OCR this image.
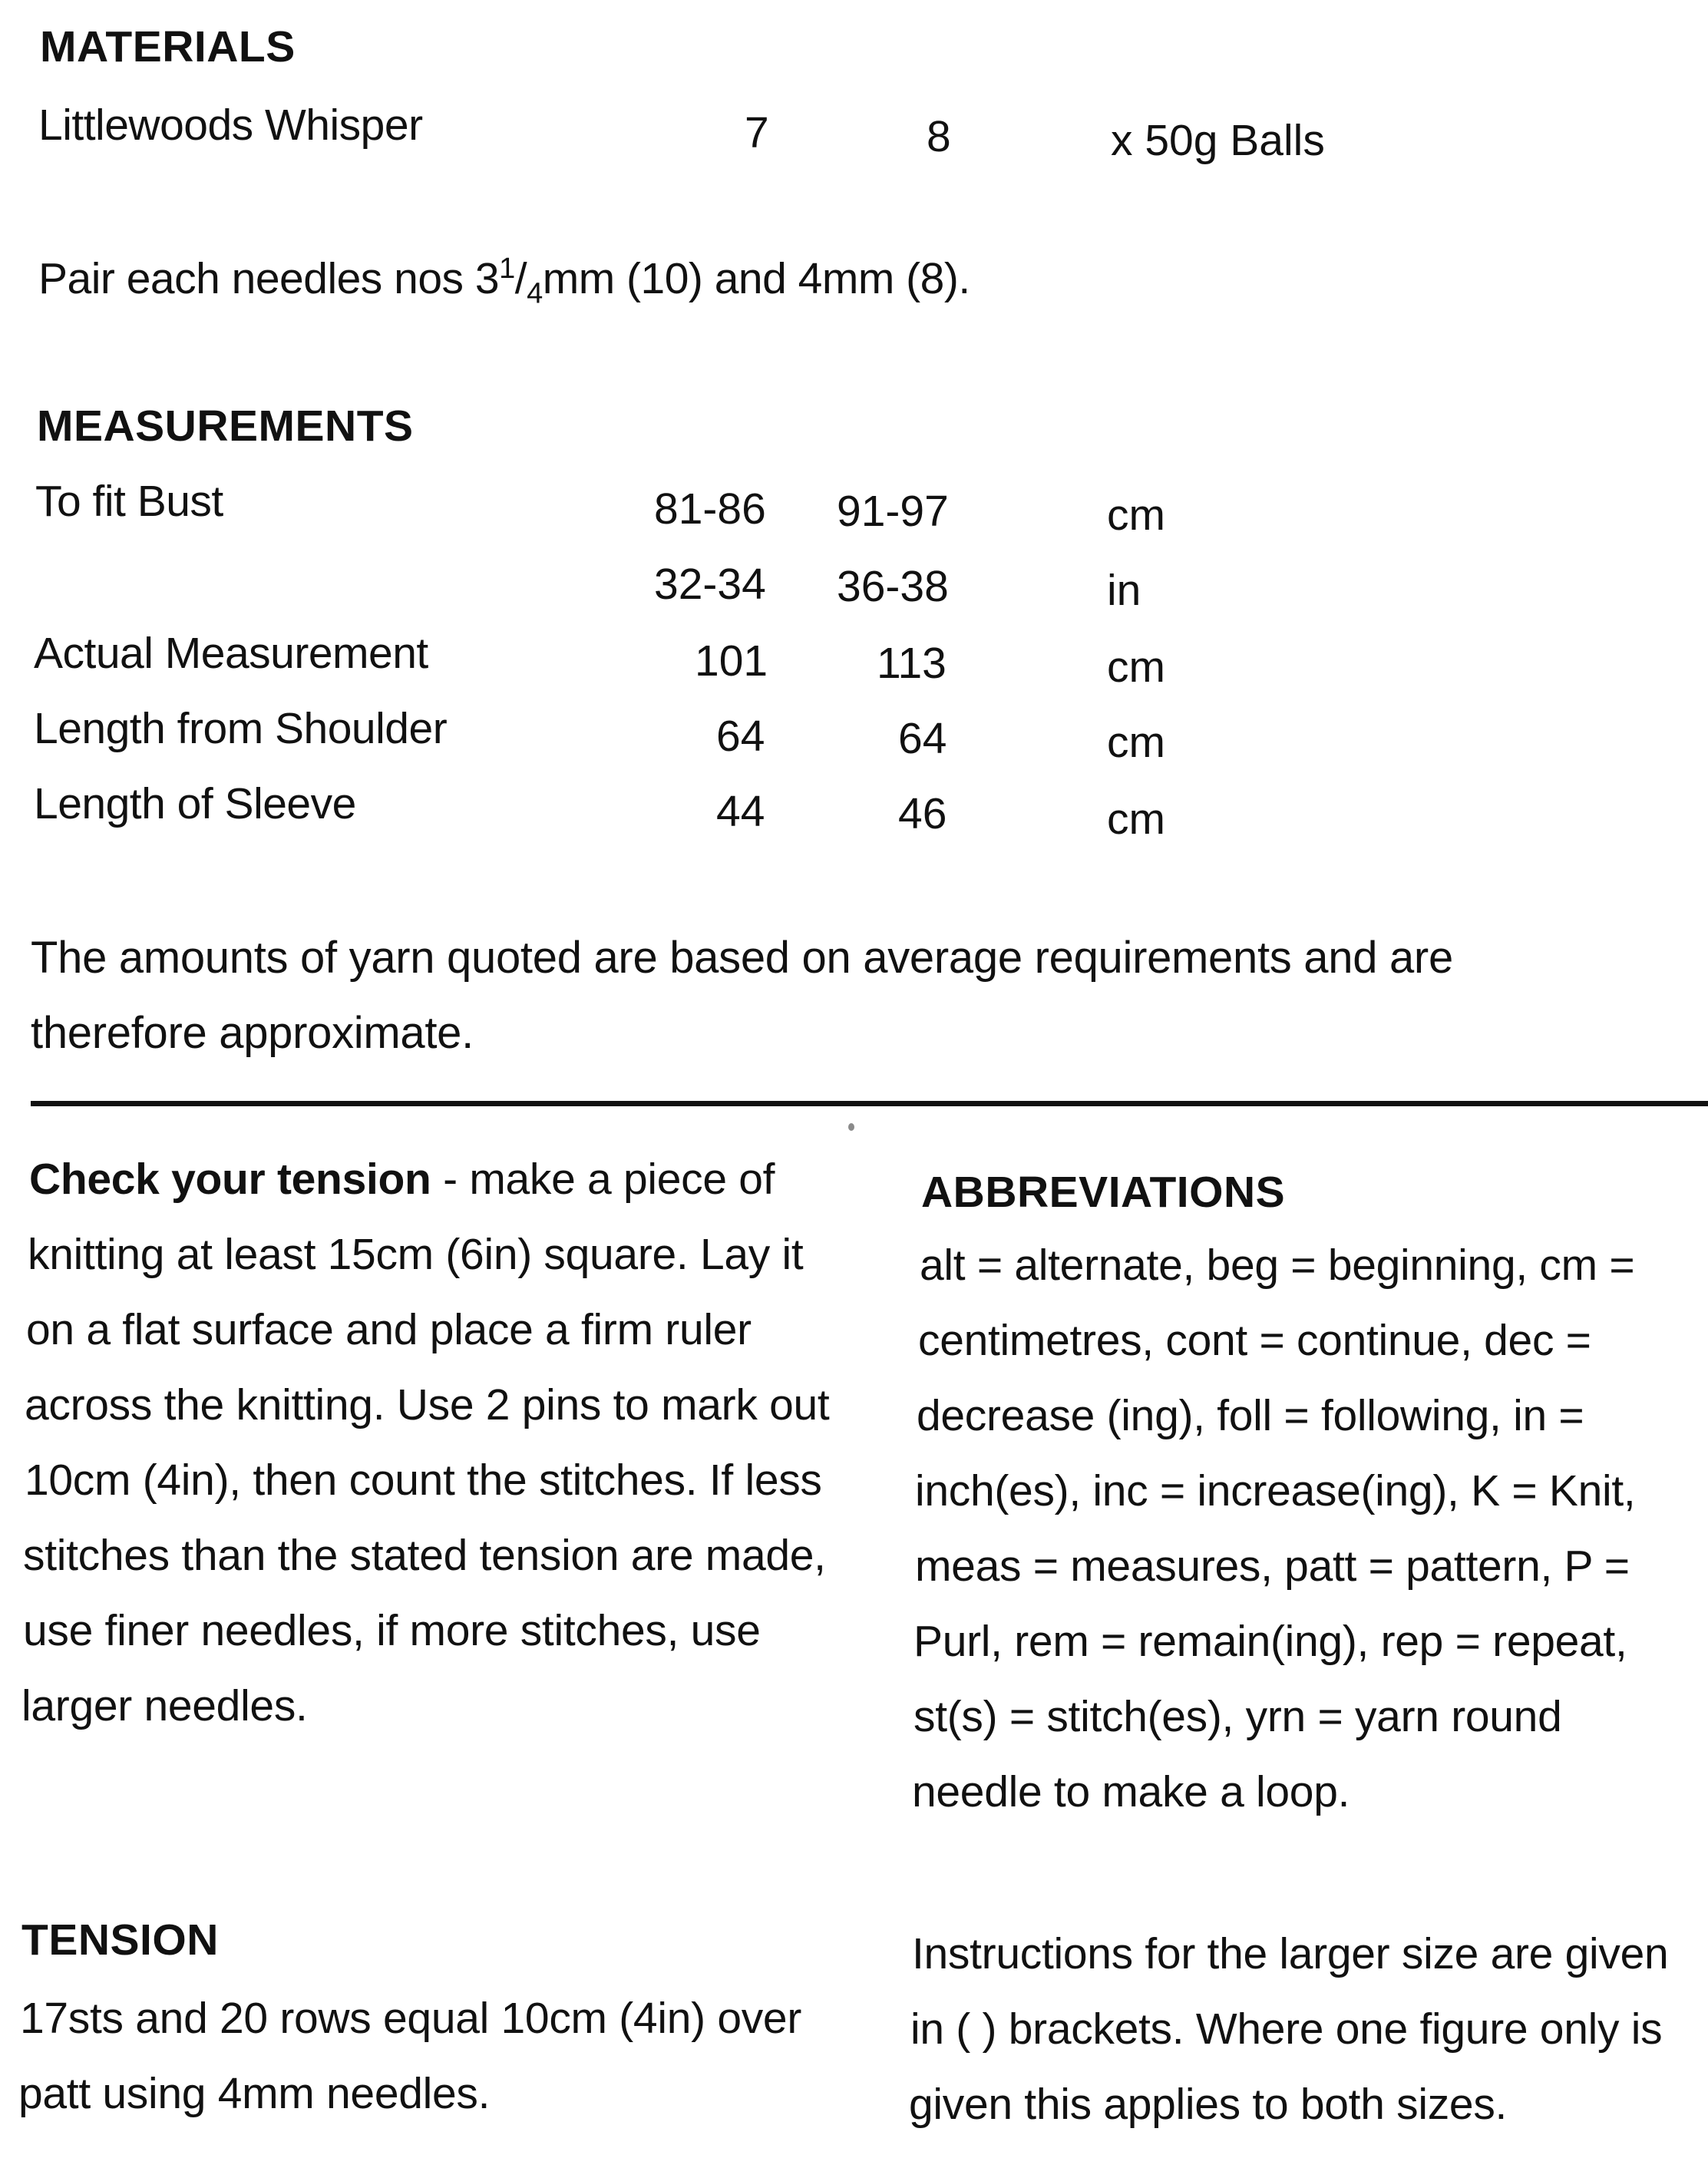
MATERIALS
Littlewoods Whisper	7	8	x 50g Balls
Pair each needles nos $3^1/_4mm$ (10) and 4mm (8).
MEASUREMENTS
To fit Bust	81-86 91-97	cm
32-34 36-38	in
Actual Measurement	101 113	cm
Length from Shoulder	64	64	cm
Length of Sleeve	44	46	cm
The amounts of yarn quoted are based on average requirements and are
therefore approximate.
Check your tension - make a piece of
knitting at least 15cm (6in) square. Lay it
on a flat surface and place a firm ruler
across the knitting. Use 2 pins to mark out
10cm (4in), then count the stitches. If less
stitches than the stated tension are made,
use finer needles, if more stitches, use
larger needles.
ABBREVIATIONS
alt = alternate, beg = beginning, cm =
centimetres, cont = continue, dec =
decrease (ing), foll = following, in =
inch(es), inc = increase(ing), K = Knit,
meas = measures, patt = pattern, P =
Purl, rem = remain(ing), rep = repeat,
st(s) = stitch(es), yrn = yarn round
needle to make a loop.
TENSION
17sts and 20 rows equal 10cm (4in) over
patt using 4mm needles.
Instructions for the larger size are given
in ( ) brackets. Where one figure only is
given this applies to both sizes.
